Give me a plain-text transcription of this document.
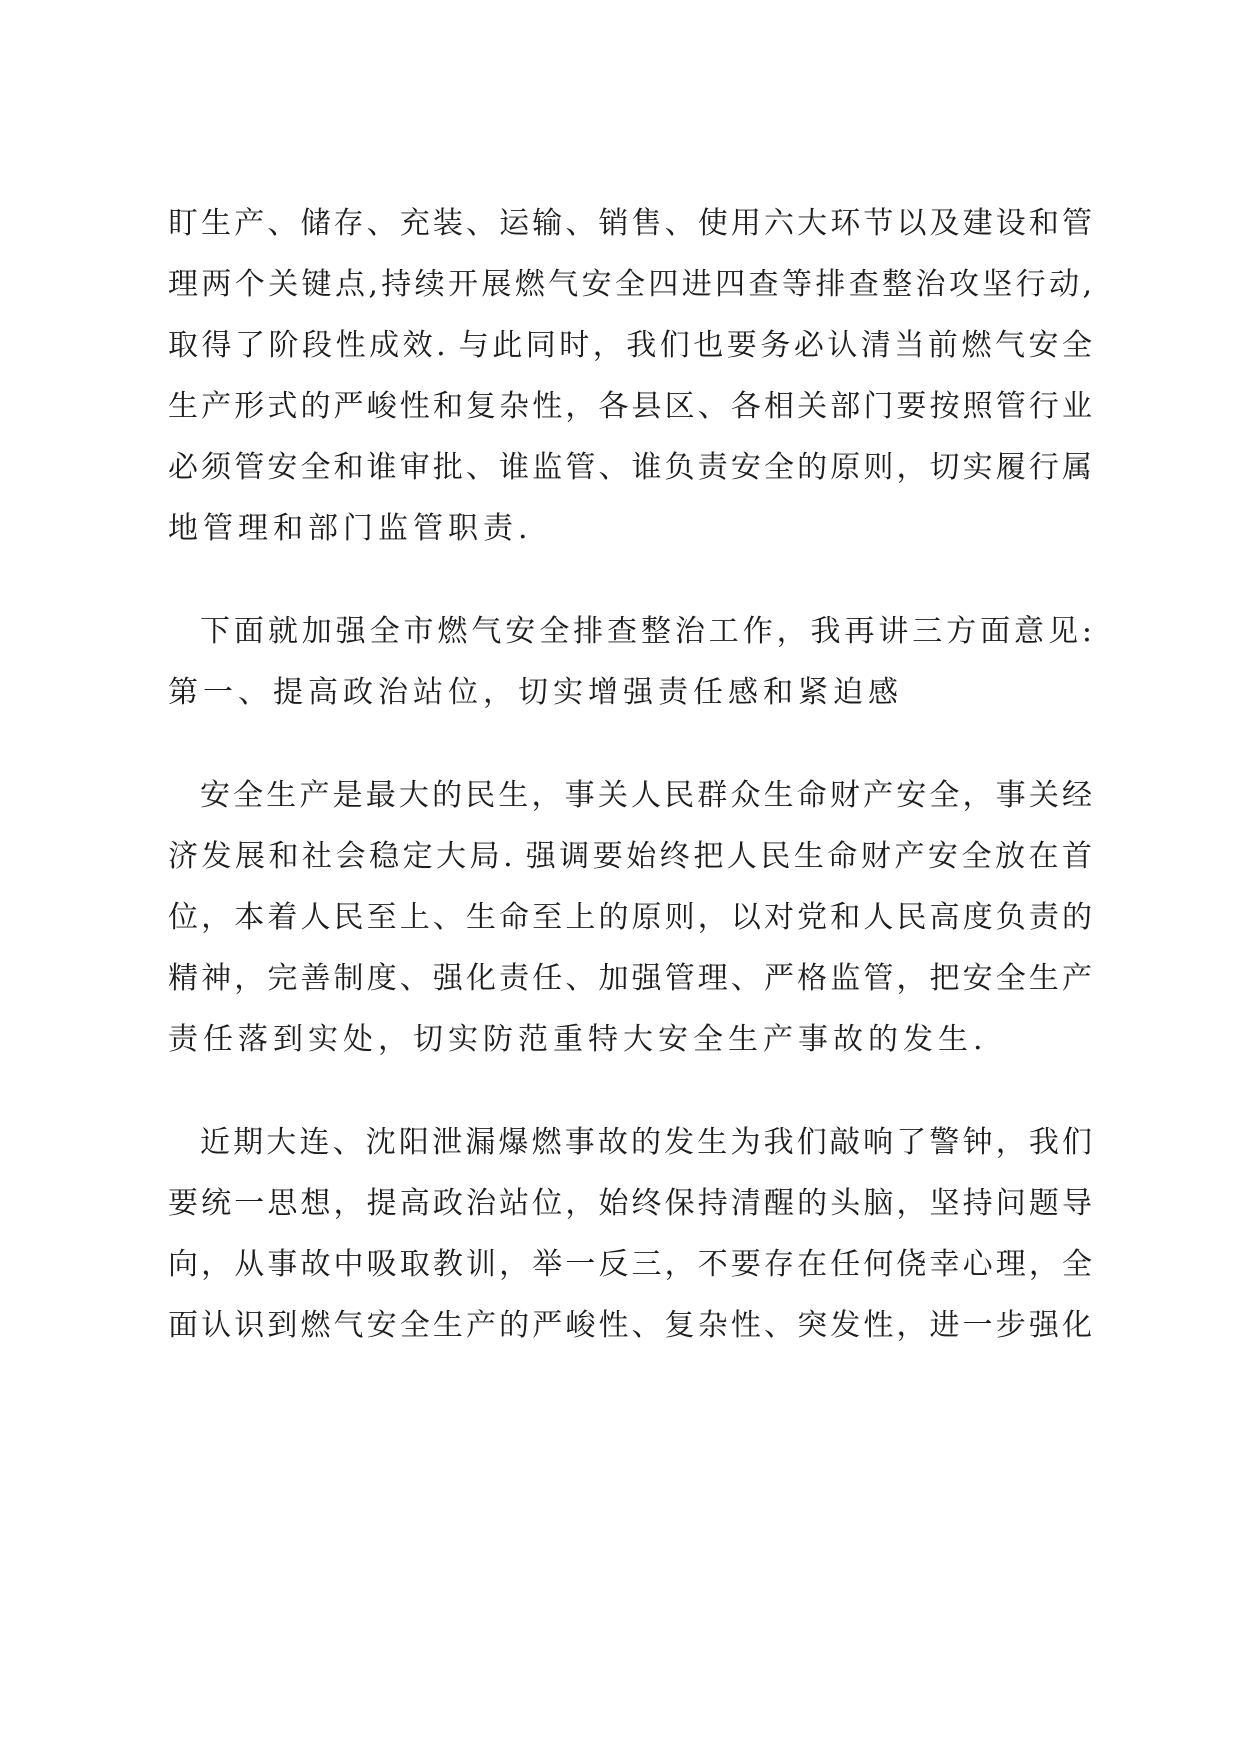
盯生产、储存、充装、运输、销售、使用六大环节以及建设和管
理两个关键点,持续开展燃气安全四进四查等排查整治攻坚行动,
取得了阶段性成效. 与此同时，我们也要务必认清当前燃气安全
生产形式的严峻性和复杂性，各县区、各相关部门要按照管行业
必须管安全和谁审批、谁监管、谁负责安全的原则，切实履行属
地管理和部门监管职责.
下面就加强全市燃气安全排查整治工作，我再讲三方面意见:
第一、提高政治站位，切实增强责任感和紧迫感
安全生产是最大的民生，事关人民群众生命财产安全，事关经
济发展和社会稳定大局. 强调要始终把人民生命财产安全放在首
位，本着人民至上、生命至上的原则，以对党和人民高度负责的
精神，完善制度、强化责任、加强管理、严格监管，把安全生产
责任落到实处，切实防范重特大安全生产事故的发生.
近期大连、沈阳泄漏爆燃事故的发生为我们敲响了警钟，我们
要统一思想，提高政治站位，始终保持清醒的头脑，坚持问题导
向，从事故中吸取教训，举一反三，不要存在任何侥幸心理，全
面认识到燃气安全生产的严峻性、复杂性、突发性，进一步强化
